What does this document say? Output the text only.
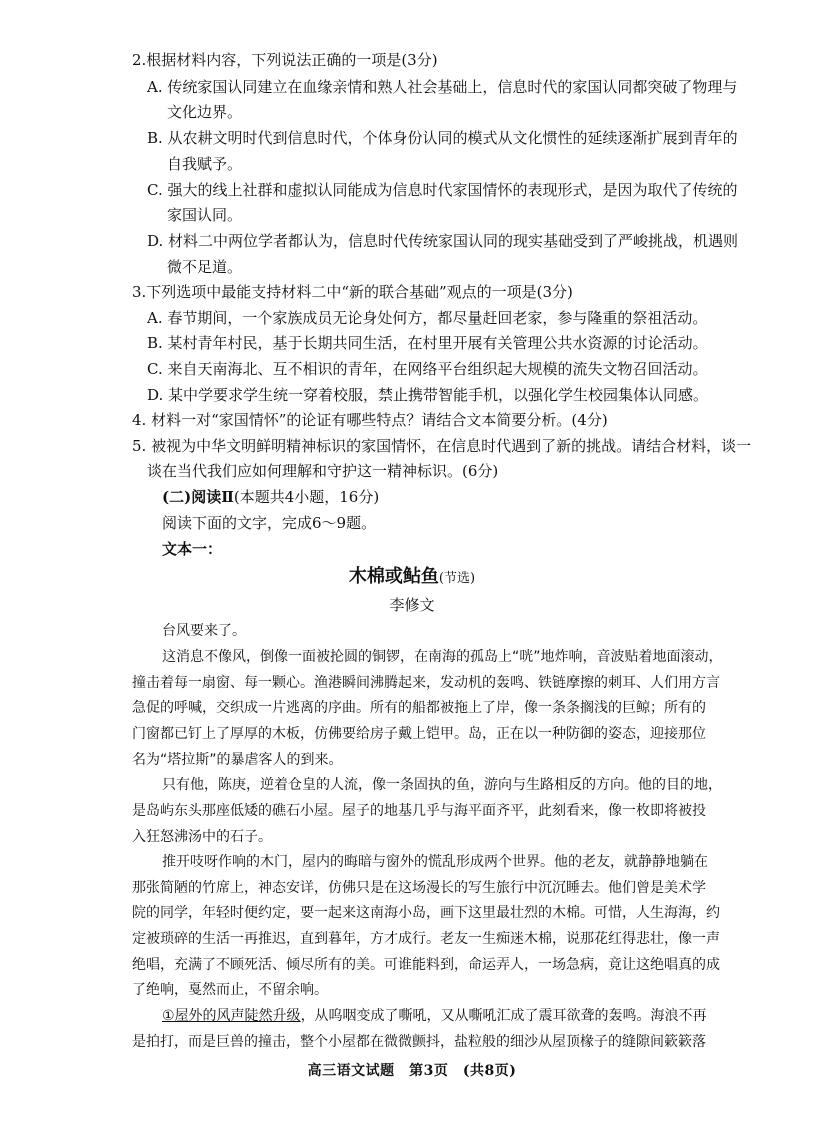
2.根据材料内容，下列说法正确的一项是(3分)
A. 传统家国认同建立在血缘亲情和熟人社会基础上，信息时代的家国认同都突破了物理与
文化边界。
B. 从农耕文明时代到信息时代，个体身份认同的模式从文化惯性的延续逐渐扩展到青年的
自我赋予。
C. 强大的线上社群和虚拟认同能成为信息时代家国情怀的表现形式，是因为取代了传统的
家国认同。
D. 材料二中两位学者都认为，信息时代传统家国认同的现实基础受到了严峻挑战，机遇则
微不足道。
3.下列选项中最能支持材料二中“新的联合基础”观点的一项是(3分)
A. 春节期间，一个家族成员无论身处何方，都尽量赶回老家，参与隆重的祭祖活动。
B. 某村青年村民，基于长期共同生活，在村里开展有关管理公共水资源的讨论活动。
C. 来自天南海北、互不相识的青年，在网络平台组织起大规模的流失文物召回活动。
D. 某中学要求学生统一穿着校服，禁止携带智能手机，以强化学生校园集体认同感。
4. 材料一对“家国情怀”的论证有哪些特点？请结合文本简要分析。(4分)
5. 被视为中华文明鲜明精神标识的家国情怀，在信息时代遇到了新的挑战。请结合材料，谈一
谈在当代我们应如何理解和守护这一精神标识。(6分)
(二)阅读Ⅱ(本题共4小题，16分)
阅读下面的文字，完成6～9题。
文本一：
木棉或鲇鱼(节选)
李修文
台风要来了。
这消息不像风，倒像一面被抡圆的铜锣，在南海的孤岛上“咣”地炸响，音波贴着地面滚动，
撞击着每一扇窗、每一颗心。渔港瞬间沸腾起来，发动机的轰鸣、铁链摩擦的刺耳、人们用方言
急促的呼喊，交织成一片逃离的序曲。所有的船都被拖上了岸，像一条条搁浅的巨鲸；所有的
门窗都已钉上了厚厚的木板，仿佛要给房子戴上铠甲。岛，正在以一种防御的姿态，迎接那位
名为“塔拉斯”的暴虐客人的到来。
只有他，陈庚，逆着仓皇的人流，像一条固执的鱼，游向与生路相反的方向。他的目的地，
是岛屿东头那座低矮的礁石小屋。屋子的地基几乎与海平面齐平，此刻看来，像一枚即将被投
入狂怒沸汤中的石子。
推开吱呀作响的木门，屋内的晦暗与窗外的慌乱形成两个世界。他的老友，就静静地躺在
那张简陋的竹席上，神态安详，仿佛只是在这场漫长的写生旅行中沉沉睡去。他们曾是美术学
院的同学，年轻时便约定，要一起来这南海小岛，画下这里最壮烈的木棉。可惜，人生海海，约
定被琐碎的生活一再推迟，直到暮年，方才成行。老友一生痴迷木棉，说那花红得悲壮，像一声
绝唱，充满了不顾死活、倾尽所有的美。可谁能料到，命运弄人，一场急病，竟让这绝唱真的成
了绝响，戛然而止，不留余响。
①屋外的风声陡然升级，从呜咽变成了嘶吼，又从嘶吼汇成了震耳欲聋的轰鸣。海浪不再
是拍打，而是巨兽的撞击，整个小屋都在微微颤抖，盐粒般的细沙从屋顶椽子的缝隙间簌簌落
高三语文试题　第3页　(共8页)
